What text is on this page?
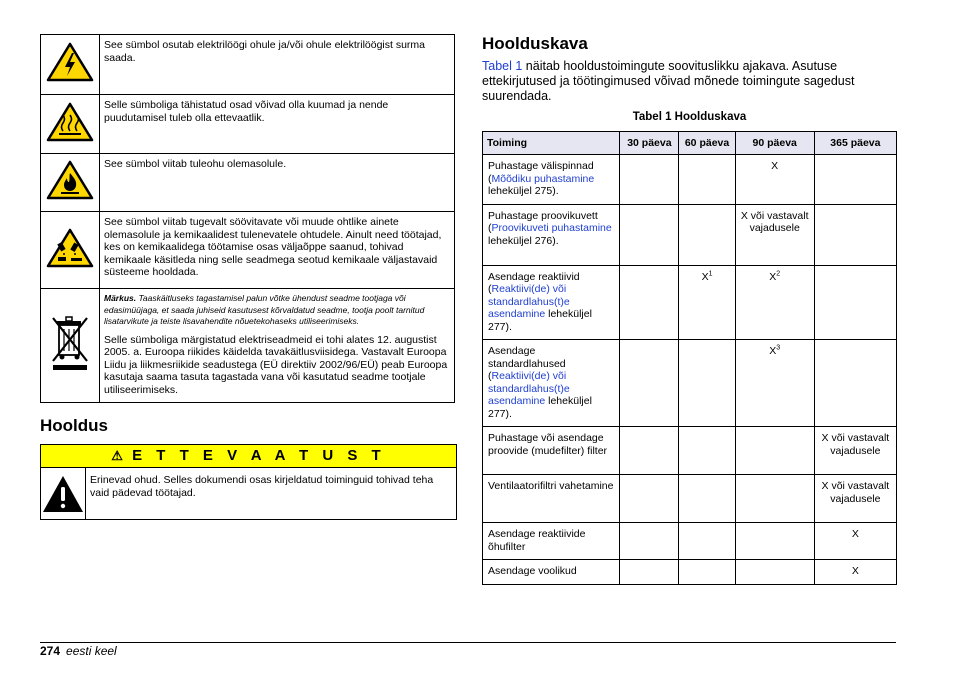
	See sümbol osutab elektrilöögi ohule ja/või ohule elektrilöögist surma saada.
	Selle sümboliga tähistatud osad võivad olla kuumad ja nende puudutamisel tuleb olla ettevaatlik.
	See sümbol viitab tuleohu olemasolule.
	See sümbol viitab tugevalt söövitavate või muude ohtlike ainete olemasolule ja kemikaalidest tulenevatele ohtudele. Ainult need töötajad, kes on kemikaalidega töötamise osas väljaõppe saanud, tohivad kemikaale käsitleda ning selle seadmega seotud kemikaale väljastavaid süsteeme hooldada.

Märkus. Taaskäitluseks tagastamisel palun võtke ühendust seadme tootjaga või edasimüüjaga, et saada juhiseid kasutusest kõrvaldatud seadme, tootja poolt tarnitud lisatarvikute ja teiste lisavahendite nõuetekohaseks utiliseerimiseks.
Selle sümboliga märgistatud elektriseadmeid ei tohi alates 12. augustist 2005. a. Euroopa riikides käidelda tavakäitlusviisidega. Vastavalt Euroopa Liidu ja liikmesriikide seadustega (EÜ direktiiv 2002/96/EÜ) peab Euroopa kasutaja saama tasuta tagastada vana või kasutatud seadme tootjale utiliseerimiseks.
Hooldus
⚠ E T T E V A A T U S T
Erinevad ohud. Selles dokumendi osas kirjeldatud toiminguid tohivad teha vaid pädevad töötajad.
Hoolduskava
Tabel 1 näitab hooldustoimingute soovituslikku ajakava. Asutuse ettekirjutused ja töötingimused võivad mõnede toimingute sagedust suurendada.
Tabel 1 Hoolduskava
Toiming	30 päeva	60 päeva	90 päeva	365 päeva
Puhastage välispinnad (Mõõdiku puhastamine leheküljel 275).			X	
Puhastage proovikuvett (Proovikuveti puhastamine leheküljel 276).			X või vastavalt vajadusele	
Asendage reaktiivid (Reaktiivi(de) või standardlahus(t)e asendamine leheküljel 277).		$X^1$	$X^2$	
Asendage standardlahused (Reaktiivi(de) või standardlahus(t)e asendamine leheküljel 277).			$X^3$	
Puhastage või asendage proovide (mudefilter) filter				X või vastavalt vajadusele
Ventilaatorifiltri vahetamine				X või vastavalt vajadusele
Asendage reaktiivide õhufilter				X
Asendage voolikud				X
274 eesti keel
